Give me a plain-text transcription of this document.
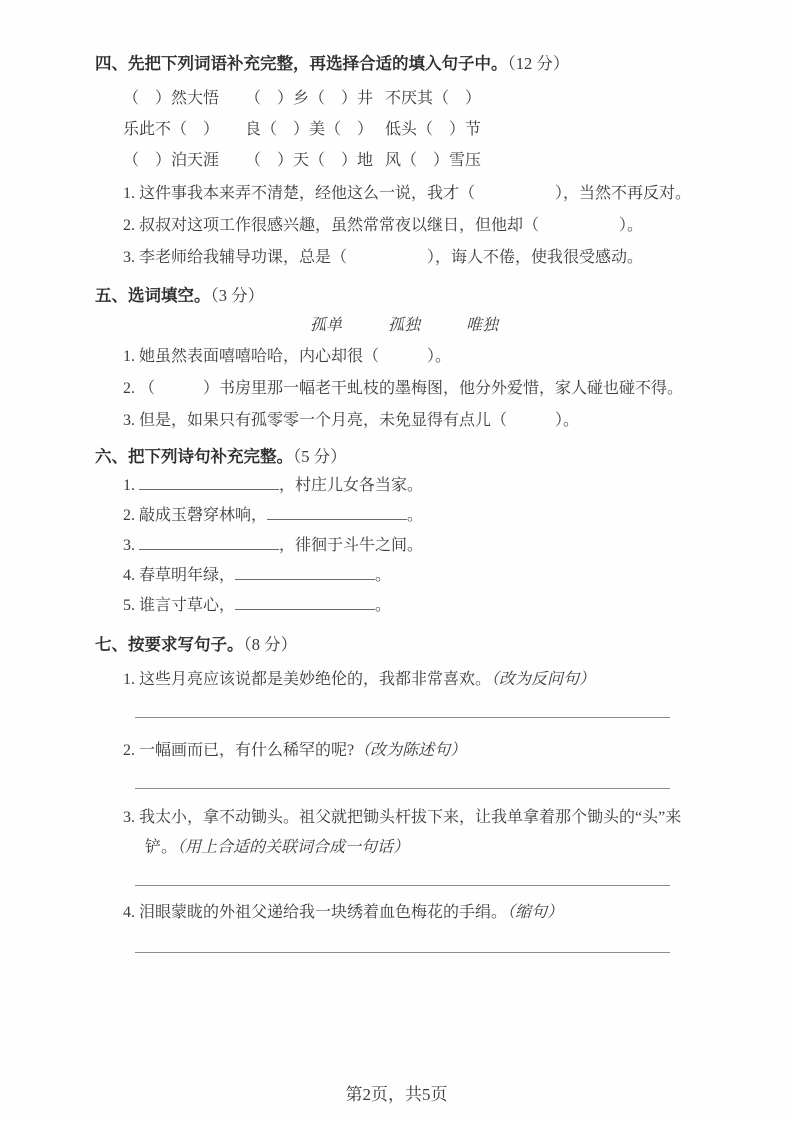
四、先把下列词语补充完整，再选择合适的填入句子中。（12 分）
（　）然大悟	（　）乡（　）井 不厌其（　）
乐此不（　）	良（　）美（　） 低头（　）节
（　）泊天涯	（　）天（　）地 风（　）雪压

1. 这件事我本来弄不清楚，经他这么一说，我才（　　　　　），当然不再反对。

2. 叔叔对这项工作很感兴趣，虽然常常夜以继日，但他却（　　　　　）。

3. 李老师给我辅导功课，总是（　　　　　），诲人不倦，使我很受感动。

五、选词填空。（3 分）
孤单	孤独	唯独

1. 她虽然表面嘻嘻哈哈，内心却很（　　　）。

2. （　　　）书房里那一幅老干虬枝的墨梅图，他分外爱惜，家人碰也碰不得。

3. 但是，如果只有孤零零一个月亮，未免显得有点儿（　　　）。

六、把下列诗句补充完整。（5 分）

1.	，村庄儿女各当家。

2. 敲成玉磬穿林响，	。

3.	，徘徊于斗牛之间。

4. 春草明年绿，	。

5. 谁言寸草心，	。

七、按要求写句子。（8 分）

1. 这些月亮应该说都是美妙绝伦的，我都非常喜欢。（改为反问句）

2. 一幅画而已，有什么稀罕的呢?（改为陈述句）

3. 我太小，拿不动锄头。祖父就把锄头杆拔下来，让我单拿着那个锄头的“头”来铲。（用上合适的关联词合成一句话）

4. 泪眼蒙眬的外祖父递给我一块绣着血色梅花的手绢。（缩句）

第2页，共5页
